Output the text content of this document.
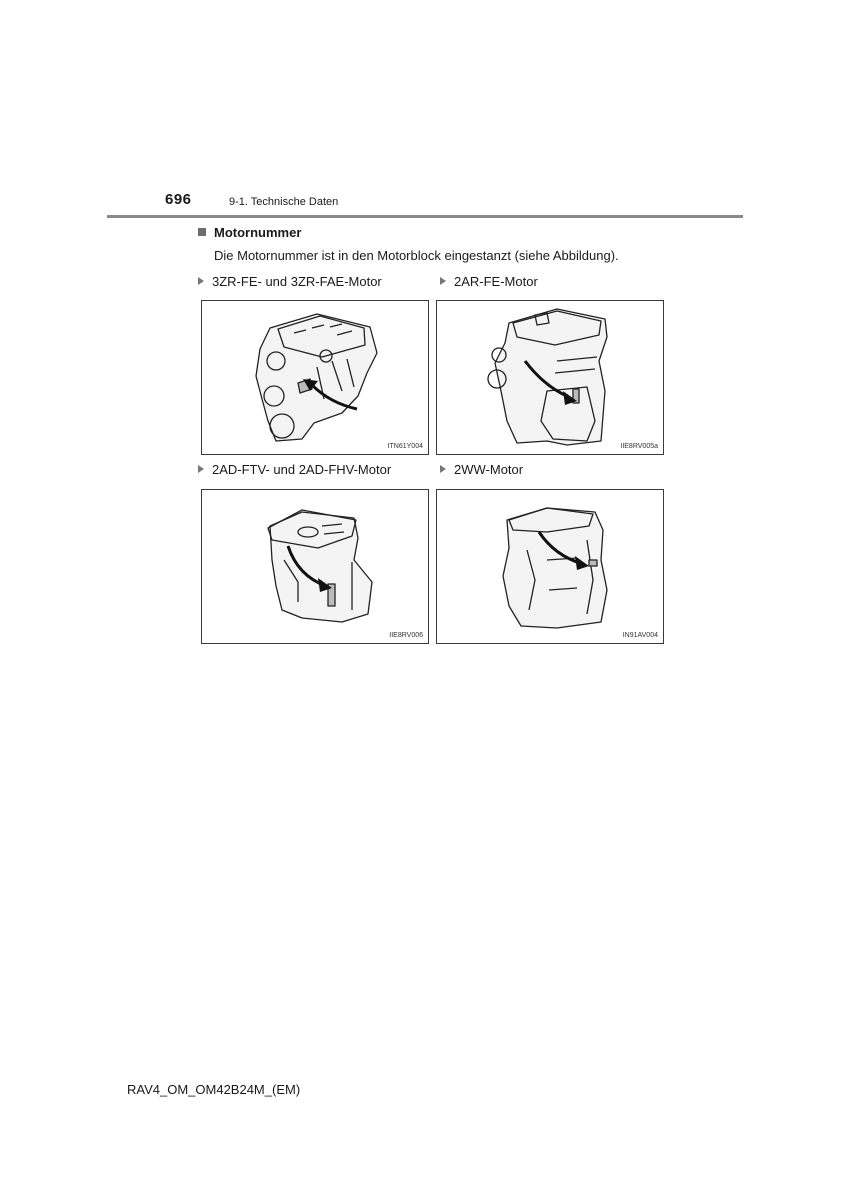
696	9-1. Technische Daten
Motornummer
Die Motornummer ist in den Motorblock eingestanzt (siehe Abbildung).
3ZR-FE- und 3ZR-FAE-Motor
ITN61Y004
2AR-FE-Motor
IIE8RV005a
2AD-FTV- und 2AD-FHV-Motor
IIE8RV006
2WW-Motor
IN91AV004
RAV4_OM_OM42B24M_(EM)
